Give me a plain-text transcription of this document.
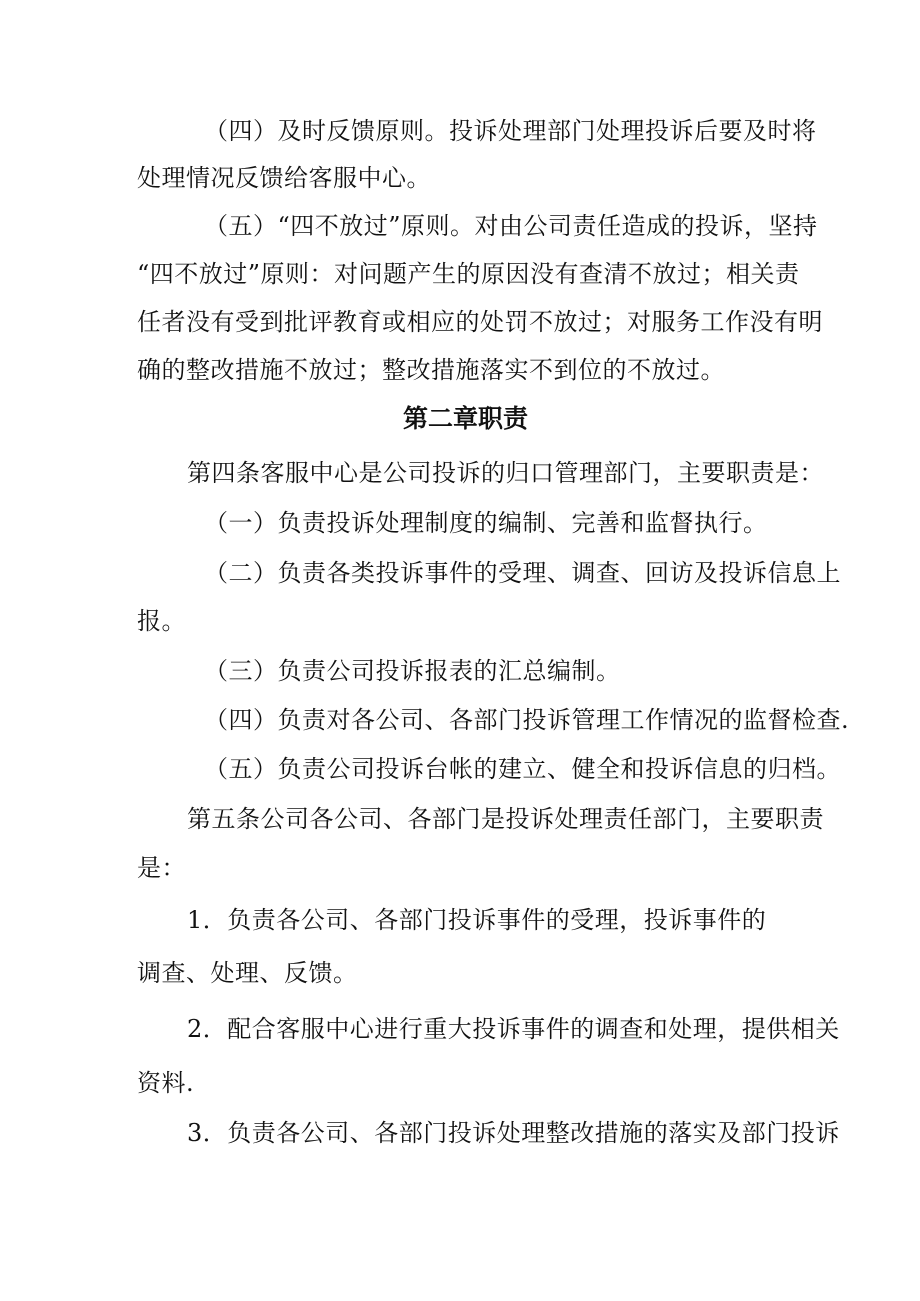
（四）及时反馈原则。投诉处理部门处理投诉后要及时将
处理情况反馈给客服中心。
（五）“四不放过”原则。对由公司责任造成的投诉，坚持
“四不放过”原则：对问题产生的原因没有查清不放过；相关责
任者没有受到批评教育或相应的处罚不放过；对服务工作没有明
确的整改措施不放过；整改措施落实不到位的不放过。
第二章职责
第四条客服中心是公司投诉的归口管理部门，主要职责是：
（一）负责投诉处理制度的编制、完善和监督执行。
（二）负责各类投诉事件的受理、调查、回访及投诉信息上
报。
（三）负责公司投诉报表的汇总编制。
（四）负责对各公司、各部门投诉管理工作情况的监督检查.
（五）负责公司投诉台帐的建立、健全和投诉信息的归档。
第五条公司各公司、各部门是投诉处理责任部门，主要职责
是：
1．负责各公司、各部门投诉事件的受理，投诉事件的
调查、处理、反馈。
2．配合客服中心进行重大投诉事件的调查和处理，提供相关
资料.
3．负责各公司、各部门投诉处理整改措施的落实及部门投诉
